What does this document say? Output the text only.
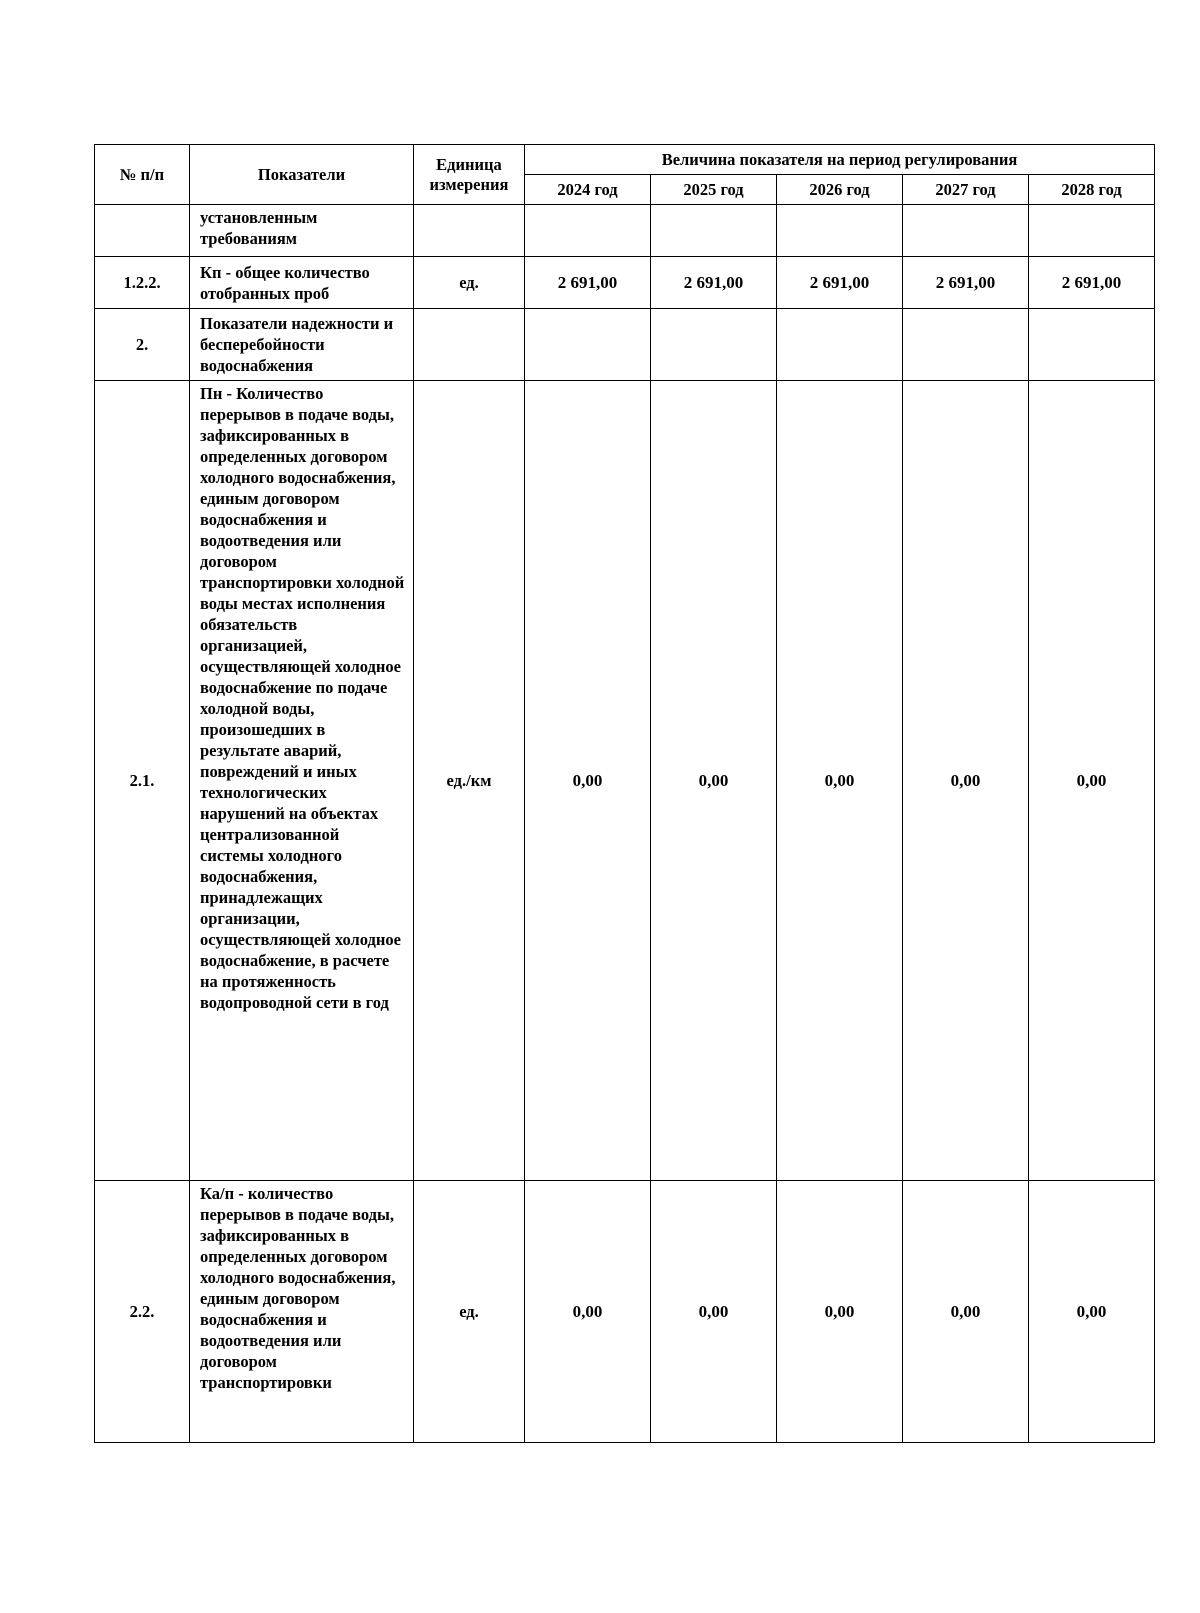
№ п/п	Показатели	Единица измерения	Величина показателя на период регулирования				
			2024 год	2025 год	2026 год	2027 год	2028 год
	установленным требованиям						
1.2.2.	Кп - общее количество отобранных проб	ед.	2 691,00	2 691,00	2 691,00	2 691,00	2 691,00
2.	Показатели надежности и бесперебойности водоснабжения						
2.1.	Пн - Количество перерывов в подаче воды, зафиксированных в определенных договором холодного водоснабжения, единым договором водоснабжения и водоотведения или договором транспортировки холодной воды местах исполнения обязательств организацией, осуществляющей холодное водоснабжение по подаче холодной воды, произошедших в результате аварий, повреждений и иных технологических нарушений на объектах централизованной системы холодного водоснабжения, принадлежащих организации, осуществляющей холодное водоснабжение, в расчете на протяженность водопроводной сети в год	ед./км	0,00	0,00	0,00	0,00	0,00
2.2.	Ка/п - количество перерывов в подаче воды, зафиксированных в определенных договором холодного водоснабжения, единым договором водоснабжения и водоотведения или договором транспортировки	ед.	0,00	0,00	0,00	0,00	0,00
